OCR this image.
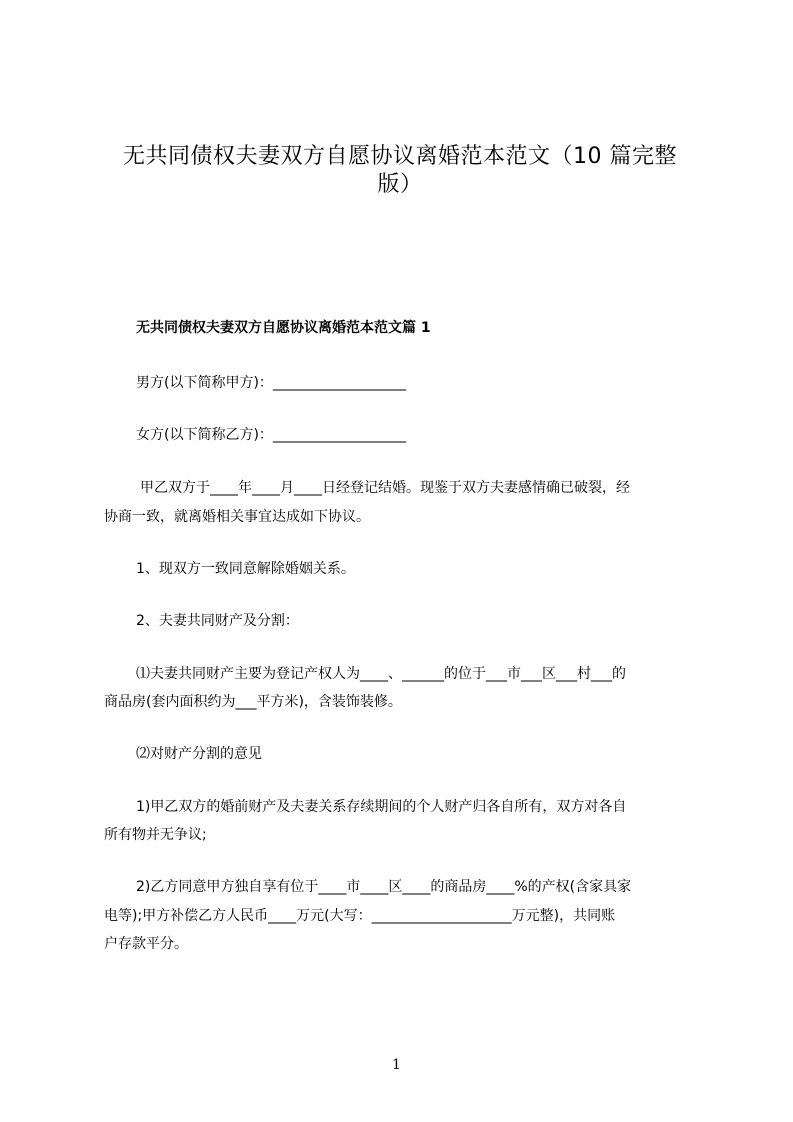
无共同债权夫妻双方自愿协议离婚范本范文（10 篇完整
版）
无共同债权夫妻双方自愿协议离婚范本范文篇 1

男方(以下简称甲方)：___________________

女方(以下简称乙方)：___________________

甲乙双方于____年____月____日经登记结婚。现鉴于双方夫妻感情确已破裂，经

协商一致，就离婚相关事宜达成如下协议。

1、现双方一致同意解除婚姻关系。

2、夫妻共同财产及分割：

⑴夫妻共同财产主要为登记产权人为____、______的位于___市___区___村___的

商品房(套内面积约为___平方米)，含装饰装修。

⑵对财产分割的意见

1)甲乙双方的婚前财产及夫妻关系存续期间的个人财产归各自所有，双方对各自

所有物并无争议;

2)乙方同意甲方独自享有位于____市____区____的商品房____%的产权(含家具家

电等);甲方补偿乙方人民币____万元(大写：____________________万元整)，共同账

户存款平分。

1
